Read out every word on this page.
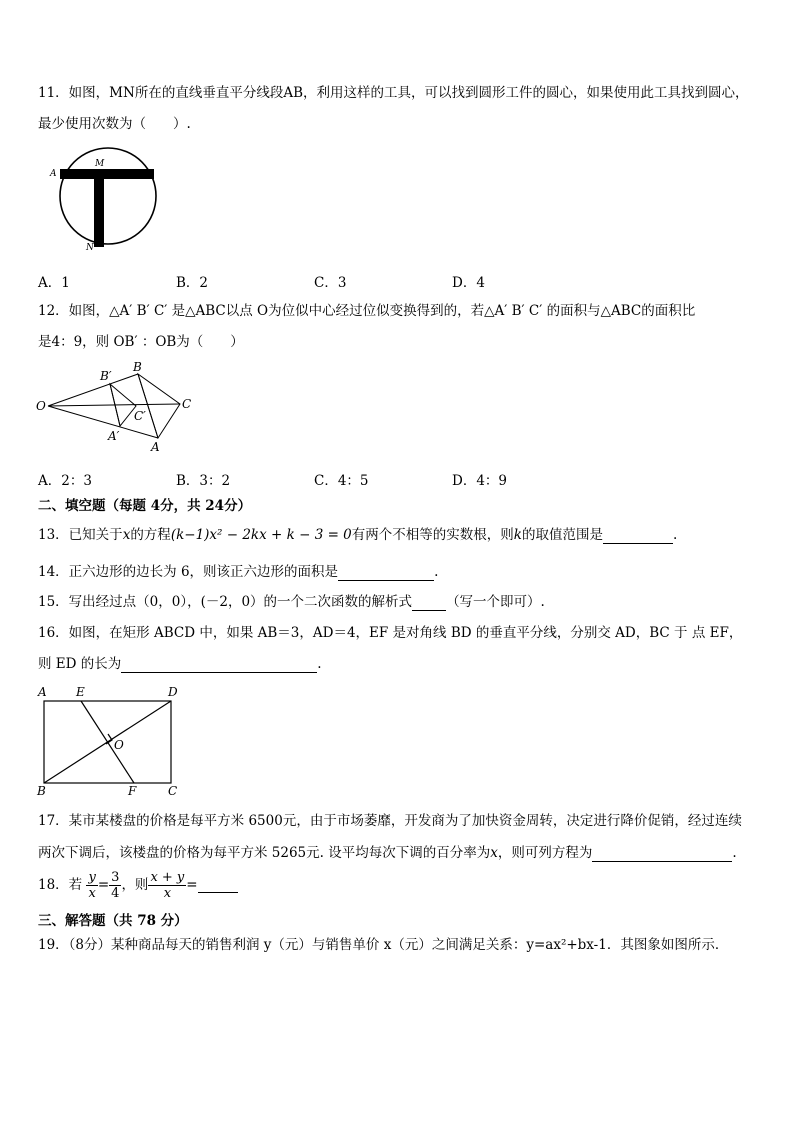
11．如图，MN所在的直线垂直平分线段AB，利用这样的工具，可以找到圆形工件的圆心，如果使用此工具找到圆心，
最少使用次数为（　　）.
A	B
M
N
A．1	B．2	C．3	D．4
12．如图，△A′ B′ C′ 是△ABC以点 O为位似中心经过位似变换得到的，若△A′ B′ C′ 的面积与△ABC的面积比
是4：9，则 OB′ ：OB为（　　）
O
B′
B
C′
C
A′
A
A．2：3	B．3：2	C．4：5	D．4：9
二、填空题（每题 4分，共 24分）
13．已知关于x的方程(k−1)x² − 2kx + k − 3 = 0有两个不相等的实数根，则k的取值范围是	.
14．正六边形的边长为 6，则该正六边形的面积是	.
15．写出经过点（0，0），(－2，0）的一个二次函数的解析式	（写一个即可）.
16．如图，在矩形 ABCD 中，如果 AB＝3，AD＝4，EF 是对角线 BD 的垂直平分线，分别交 AD，BC 于 点 EF，
则 ED 的长为	.
A E	D
O
B	F	C
17．某市某楼盘的价格是每平方米 6500元，由于市场萎靡，开发商为了加快资金周转，决定进行降价促销，经过连续
两次下调后，该楼盘的价格为每平方米 5265元. 设平均每次下调的百分率为x，则可列方程为	.
18．若 $\frac{y}{x} = \frac{3}{4}$ ，则 $\frac{x + y}{x}$ =
三、解答题（共 78 分）
19．（8分）某种商品每天的销售利润 y（元）与销售单价 x（元）之间满足关系：y=ax²+bx-1．其图象如图所示．
